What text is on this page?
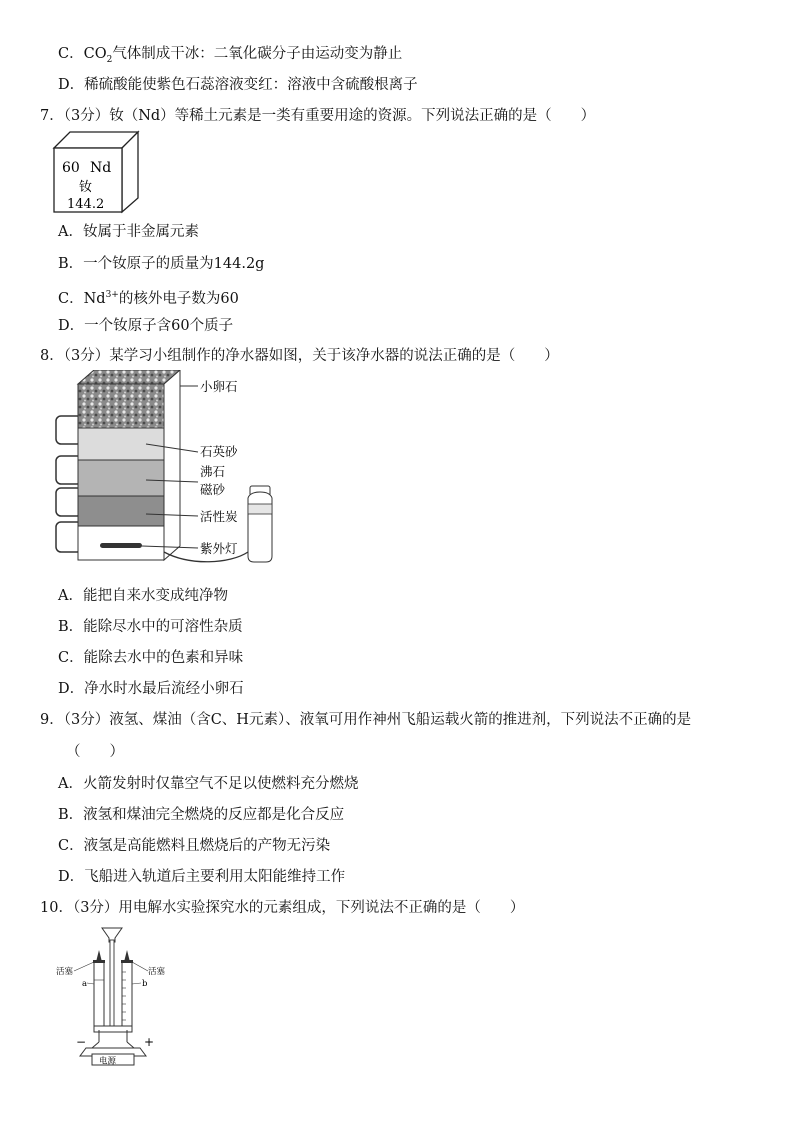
C．$CO_2$气体制成干冰：二氧化碳分子由运动变为静止
D．稀硫酸能使紫色石蕊溶液变红：溶液中含硫酸根离子
7．（3分）钕（Nd）等稀土元素是一类有重要用途的资源。下列说法正确的是（　　）
60 Nd
钕
144.2
A．钕属于非金属元素
B．一个钕原子的质量为144.2g
C．$Nd^{3+}$的核外电子数为60
D．一个钕原子含60个质子
8．（3分）某学习小组制作的净水器如图，关于该净水器的说法正确的是（　　）
小卵石
石英砂
沸石
磁砂
活性炭
紫外灯
A．能把自来水变成纯净物
B．能除尽水中的可溶性杂质
C．能除去水中的色素和异味
D．净水时水最后流经小卵石
9．（3分）液氢、煤油（含C、H元素）、液氧可用作神州飞船运载火箭的推进剂，下列说法不正确的是
（　　）
A．火箭发射时仅靠空气不足以使燃料充分燃烧
B．液氢和煤油完全燃烧的反应都是化合反应
C．液氢是高能燃料且燃烧后的产物无污染
D．飞船进入轨道后主要利用太阳能维持工作
10．（3分）用电解水实验探究水的元素组成，下列说法不正确的是（　　）
电源
−	+
活塞	活塞
a	b
